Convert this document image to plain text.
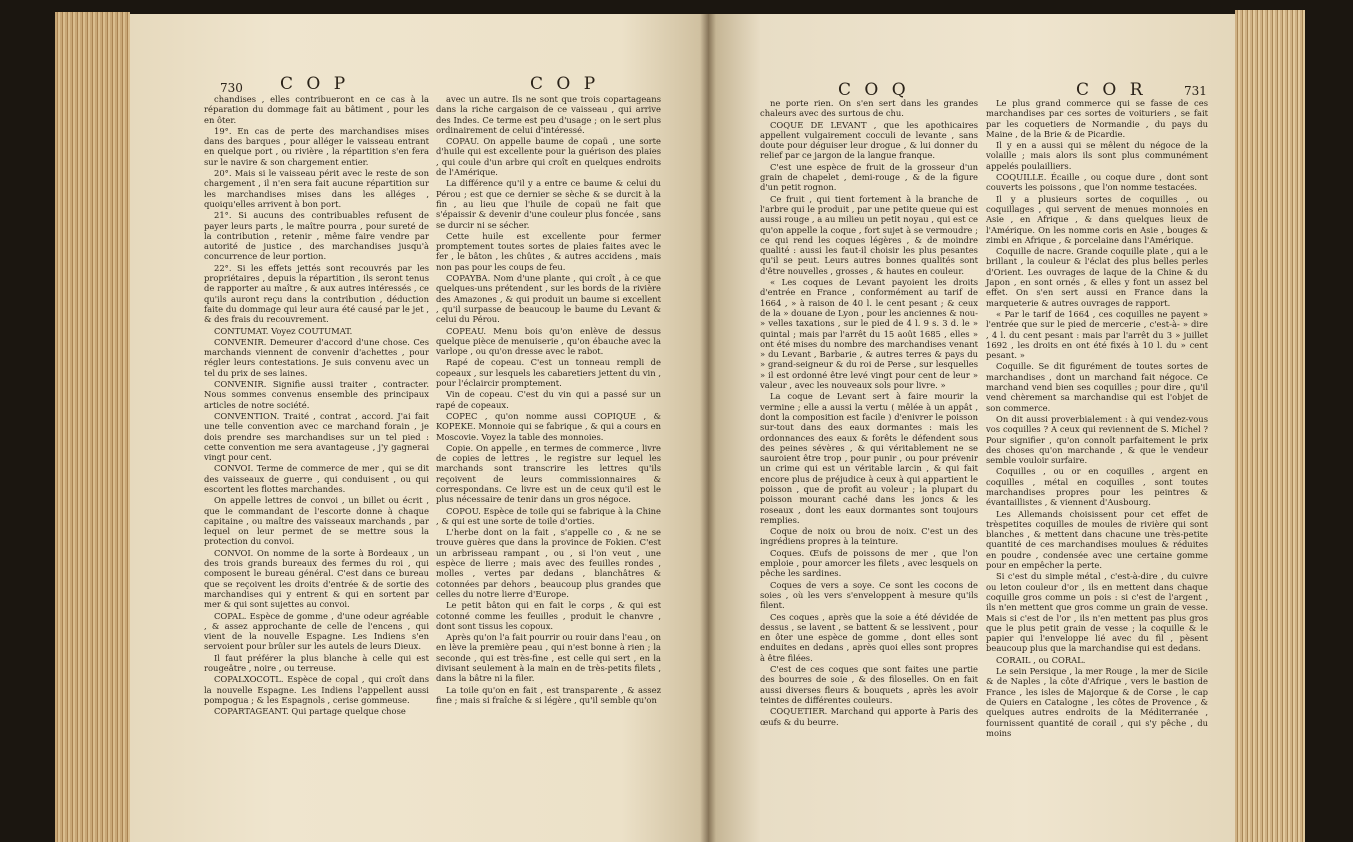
730 C O P	C O P

chandises , elles contribueront en ce cas à la réparation du dommage fait au bâtiment , pour les en ôter.

19°. En cas de perte des marchandises mises dans des barques , pour alléger le vaisseau entrant en quelque port , ou rivière , la répartition s'en fera sur le navire & son chargement entier.

20°. Mais si le vaisseau périt avec le reste de son chargement , il n'en sera fait aucune répartition sur les marchandises mises dans les alléges , quoiqu'elles arrivent à bon port.

21°. Si aucuns des contribuables refusent de payer leurs parts , le maître pourra , pour sureté de la contribution , retenir , même faire vendre par autorité de justice , des marchandises jusqu'à concurrence de leur portion.

22°. Si les effets jettés sont recouvrés par les propriétaires , depuis la répartition , ils seront tenus de rapporter au maître , & aux autres intéressés , ce qu'ils auront reçu dans la contribution , déduction faite du dommage qui leur aura été causé par le jet , & des frais du recouvrement.

CONTUMAT. Voyez COUTUMAT.

CONVENIR. Demeurer d'accord d'une chose. Ces marchands viennent de convenir d'achettes , pour régler leurs contestations. Je suis convenu avec un tel du prix de ses laines.

CONVENIR. Signifie aussi traiter , contracter. Nous sommes convenus ensemble des principaux articles de notre société.

CONVENTION. Traité , contrat , accord. J'ai fait une telle convention avec ce marchand forain , je dois prendre ses marchandises sur un tel pied : cette convention me sera avantageuse , j'y gagnerai vingt pour cent.

CONVOI. Terme de commerce de mer , qui se dit des vaisseaux de guerre , qui conduisent , ou qui escortent les flottes marchandes.

On appelle lettres de convoi , un billet ou écrit , que le commandant de l'escorte donne à chaque capitaine , ou maître des vaisseaux marchands , par lequel on leur permet de se mettre sous la protection du convoi.

CONVOI. On nomme de la sorte à Bordeaux , un des trois grands bureaux des fermes du roi , qui composent le bureau général. C'est dans ce bureau que se reçoivent les droits d'entrée & de sortie des marchandises qui y entrent & qui en sortent par mer & qui sont sujettes au convoi.

COPAL. Espèce de gomme , d'une odeur agréable , & assez approchante de celle de l'encens , qui vient de la nouvelle Espagne. Les Indiens s'en servoient pour brûler sur les autels de leurs Dieux.

Il faut préférer la plus blanche à celle qui est rougeâtre , noire , ou terreuse.

COPALXOCOTL. Espèce de copal , qui croît dans la nouvelle Espagne. Les Indiens l'appellent aussi pompogua ; & les Espagnols , cerise gommeuse.

COPARTAGEANT. Qui partage quelque chose

avec un autre. Ils ne sont que trois copartageans dans la riche cargaison de ce vaisseau , qui arrive des Indes. Ce terme est peu d'usage ; on le sert plus ordinairement de celui d'intéressé.

COPAU. On appelle baume de copaü , une sorte d'huile qui est excellente pour la guérison des plaies , qui coule d'un arbre qui croît en quelques endroits de l'Amérique.

La différence qu'il y a entre ce baume & celui du Pérou ; est que ce dernier se sèche & se durcit à la fin , au lieu que l'huile de copaü ne fait que s'épaissir & devenir d'une couleur plus foncée , sans se durcir ni se sécher.

Cette huile est excellente pour fermer promptement toutes sortes de plaies faites avec le fer , le bâton , les chûtes , & autres accidens , mais non pas pour les coups de feu.

COPAYBA. Nom d'une plante , qui croît , à ce que quelques-uns prétendent , sur les bords de la rivière des Amazones , & qui produit un baume si excellent , qu'il surpasse de beaucoup le baume du Levant & celui du Pérou.

COPEAU. Menu bois qu'on enlève de dessus quelque pièce de menuiserie , qu'on ébauche avec la varlope , ou qu'on dresse avec le rabot.

Rapé de copeau. C'est un tonneau rempli de copeaux , sur lesquels les cabaretiers jettent du vin , pour l'éclaircir promptement.

Vin de copeau. C'est du vin qui a passé sur un rapé de copeaux.

COPEC , qu'on nomme aussi COPIQUE , & KOPEKE. Monnoie qui se fabrique , & qui a cours en Moscovie. Voyez la table des monnoies.

Copie. On appelle , en termes de commerce , livre de copies de lettres , le registre sur lequel les marchands sont transcrire les lettres qu'ils reçoivent de leurs commissionnaires & correspondans. Ce livre est un de ceux qu'il est le plus nécessaire de tenir dans un gros négoce.

COPOU. Espèce de toile qui se fabrique à la Chine , & qui est une sorte de toile d'orties.

L'herbe dont on la fait , s'appelle co , & ne se trouve guères que dans la province de Fokien. C'est un arbrisseau rampant , ou , si l'on veut , une espèce de lierre ; mais avec des feuilles rondes , molles , vertes par dedans , blanchâtres & cotonnées par dehors , beaucoup plus grandes que celles du notre lierre d'Europe.

Le petit bâton qui en fait le corps , & qui est cotonné comme les feuilles , produit le chanvre , dont sont tissus les copoux.

Après qu'on l'a fait pourrir ou rouir dans l'eau , on en lève la première peau , qui n'est bonne à rien ; la seconde , qui est très-fine , est celle qui sert , en la divisant seulement à la main en de très-petits filets , dans la bâtre ni la filer.

La toile qu'on en fait , est transparente , & assez fine ; mais si fraîche & si légère , qu'il semble qu'on

C O Q	C O R	731

ne porte rien. On s'en sert dans les grandes chaleurs avec des surtous de chu.

COQUE DE LEVANT , que les apothicaires appellent vulgairement cocculi de levante , sans doute pour déguiser leur drogue , & lui donner du relief par ce jargon de la langue franque.

C'est une espèce de fruit de la grosseur d'un grain de chapelet , demi-rouge , & de la figure d'un petit rognon.

Ce fruit , qui tient fortement à la branche de l'arbre qui le produit , par une petite queue qui est aussi rouge , a au milieu un petit noyau , qui est ce qu'on appelle la coque , fort sujet à se vermoudre ; ce qui rend les coques légères , & de moindre qualité : aussi les faut-il choisir les plus pesantes qu'il se peut. Leurs autres bonnes qualités sont d'être nouvelles , grosses , & hautes en couleur.

« Les coques de Levant payoient les droits d'entrée en France , conformément au tarif de 1664 , » à raison de 40 l. le cent pesant ; & ceux de la » douane de Lyon , pour les anciennes & nou- » velles taxations , sur le pied de 4 l. 9 s. 3 d. le » quintal ; mais par l'arrêt du 15 août 1685 , elles » ont été mises du nombre des marchandises venant » du Levant , Barbarie , & autres terres & pays du » grand-seigneur & du roi de Perse , sur lesquelles » il est ordonné être levé vingt pour cent de leur » valeur , avec les nouveaux sols pour livre. »

La coque de Levant sert à faire mourir la vermine ; elle a aussi la vertu ( mêlée à un appât , dont la composition est facile ) d'enivrer le poisson sur-tout dans des eaux dormantes : mais les ordonnances des eaux & forêts le défendent sous des peines sévères , & qui véritablement ne se sauroient être trop , pour punir , ou pour prévenir un crime qui est un véritable larcin , & qui fait encore plus de préjudice à ceux à qui appartient le poisson , que de profit au voleur ; la plupart du poisson mourant caché dans les joncs & les roseaux , dont les eaux dormantes sont toujours remplies.

Coque de noix ou brou de noix. C'est un des ingrédiens propres à la teinture.

Coques. Œufs de poissons de mer , que l'on emploie , pour amorcer les filets , avec lesquels on pêche les sardines.

Coques de vers a soye. Ce sont les cocons de soies , où les vers s'enveloppent à mesure qu'ils filent.

Ces coques , après que la soie a été dévidée de dessus , se lavent , se battent & se lessivent , pour en ôter une espèce de gomme , dont elles sont enduites en dedans , après quoi elles sont propres à être filées.

C'est de ces coques que sont faites une partie des bourres de soie , & des filoselles. On en fait aussi diverses fleurs & bouquets , après les avoir teintes de différentes couleurs.

COQUETIER. Marchand qui apporte à Paris des œufs & du beurre.

Le plus grand commerce qui se fasse de ces marchandises par ces sortes de voituriers , se fait par les coquetiers de Normandie , du pays du Maine , de la Brie & de Picardie.

Il y en a aussi qui se mêlent du négoce de la volaille ; mais alors ils sont plus communément appelés poulailliers.

COQUILLE. Écaille , ou coque dure , dont sont couverts les poissons , que l'on nomme testacées.

Il y a plusieurs sortes de coquilles , ou coquillages , qui servent de menues monnoies en Asie , en Afrique , & dans quelques lieux de l'Amérique. On les nomme coris en Asie , bouges & zimbi en Afrique , & porcelaine dans l'Amérique.

Coquille de nacre. Grande coquille plate , qui a le brillant , la couleur & l'éclat des plus belles perles d'Orient. Les ouvrages de laque de la Chine & du Japon , en sont ornés , & elles y font un assez bel effet. On s'en sert aussi en France dans la marqueterie & autres ouvrages de rapport.

« Par le tarif de 1664 , ces coquilles ne payent » l'entrée que sur le pied de mercerie , c'est-à- » dire , 4 l. du cent pesant : mais par l'arrêt du 3 » juillet 1692 , les droits en ont été fixés à 10 l. du » cent pesant. »

Coquille. Se dit figurément de toutes sortes de marchandises , dont un marchand fait négoce. Ce marchand vend bien ses coquilles ; pour dire , qu'il vend chèrement sa marchandise qui est l'objet de son commerce.

On dit aussi proverbialement : à qui vendez-vous vos coquilles ? A ceux qui reviennent de S. Michel ? Pour signifier , qu'on connoît parfaitement le prix des choses qu'on marchande , & que le vendeur semble vouloir surfaire.

Coquilles , ou or en coquilles , argent en coquilles , métal en coquilles , sont toutes marchandises propres pour les peintres & évantaillistes , & viennent d'Ausbourg.

Les Allemands choisissent pour cet effet de trèspetites coquilles de moules de rivière qui sont blanches , & mettent dans chacune une très-petite quantité de ces marchandises moulues & réduites en poudre , condensée avec une certaine gomme pour en empêcher la perte.

Si c'est du simple métal , c'est-à-dire , du cuivre ou leton couleur d'or , ils en mettent dans chaque coquille gros comme un pois : si c'est de l'argent , ils n'en mettent que gros comme un grain de vesse. Mais si c'est de l'or , ils n'en mettent pas plus gros que le plus petit grain de vesse ; la coquille & le papier qui l'enveloppe lié avec du fil , pèsent beaucoup plus que la marchandise qui est dedans.

CORAIL , ou CORAL.

Le sein Persique , la mer Rouge , la mer de Sicile & de Naples , la côte d'Afrique , vers le bastion de France , les isles de Majorque & de Corse , le cap de Quiers en Catalogne , les côtes de Provence , & quelques autres endroits de la Méditerranée , fournissent quantité de corail , qui s'y pêche , du moins
